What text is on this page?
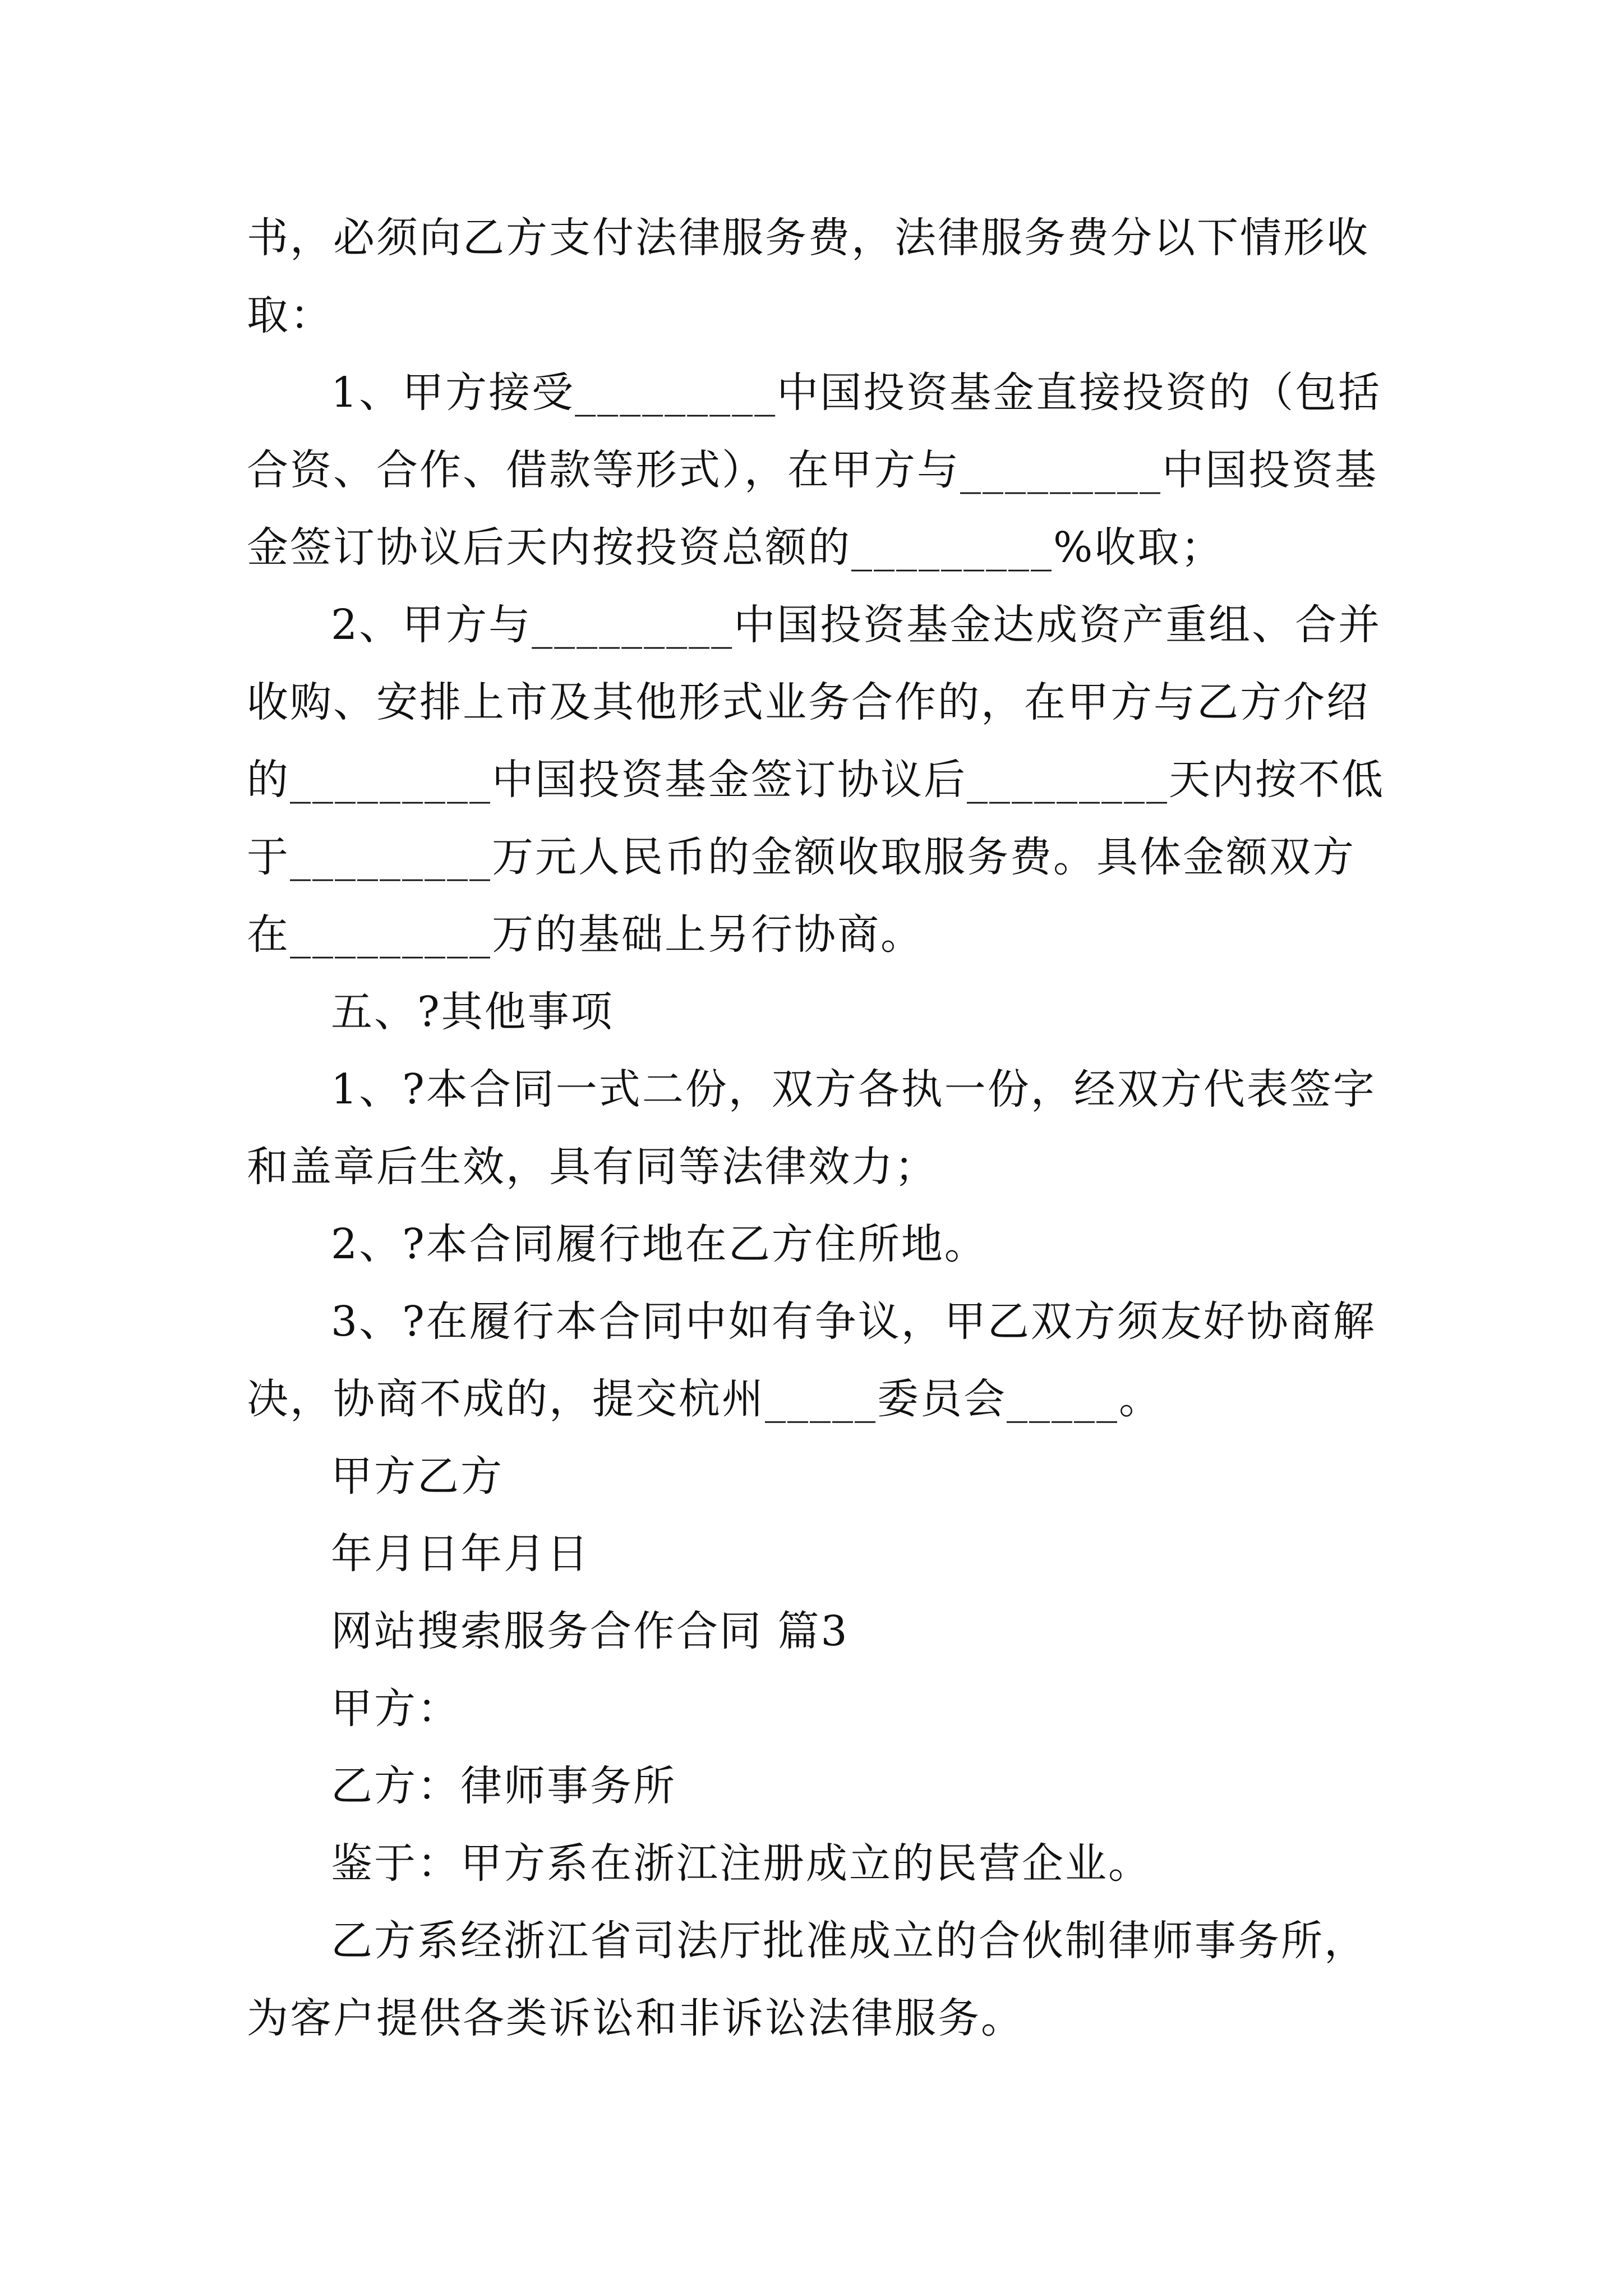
书，必须向乙方支付法律服务费，法律服务费分以下情形收
取：
1、甲方接受_________中国投资基金直接投资的（包括
合资、合作、借款等形式），在甲方与_________中国投资基
金签订协议后天内按投资总额的_________%收取；
2、甲方与_________中国投资基金达成资产重组、合并
收购、安排上市及其他形式业务合作的，在甲方与乙方介绍
的_________中国投资基金签订协议后_________天内按不低
于_________万元人民币的金额收取服务费。具体金额双方
在_________万的基础上另行协商。
五、?其他事项
1、?本合同一式二份，双方各执一份，经双方代表签字
和盖章后生效，具有同等法律效力；
2、?本合同履行地在乙方住所地。
3、?在履行本合同中如有争议，甲乙双方须友好协商解
决，协商不成的，提交杭州_____委员会_____。
甲方乙方
年月日年月日
网站搜索服务合作合同 篇3
甲方：
乙方：律师事务所
鉴于：甲方系在浙江注册成立的民营企业。
乙方系经浙江省司法厅批准成立的合伙制律师事务所，
为客户提供各类诉讼和非诉讼法律服务。
